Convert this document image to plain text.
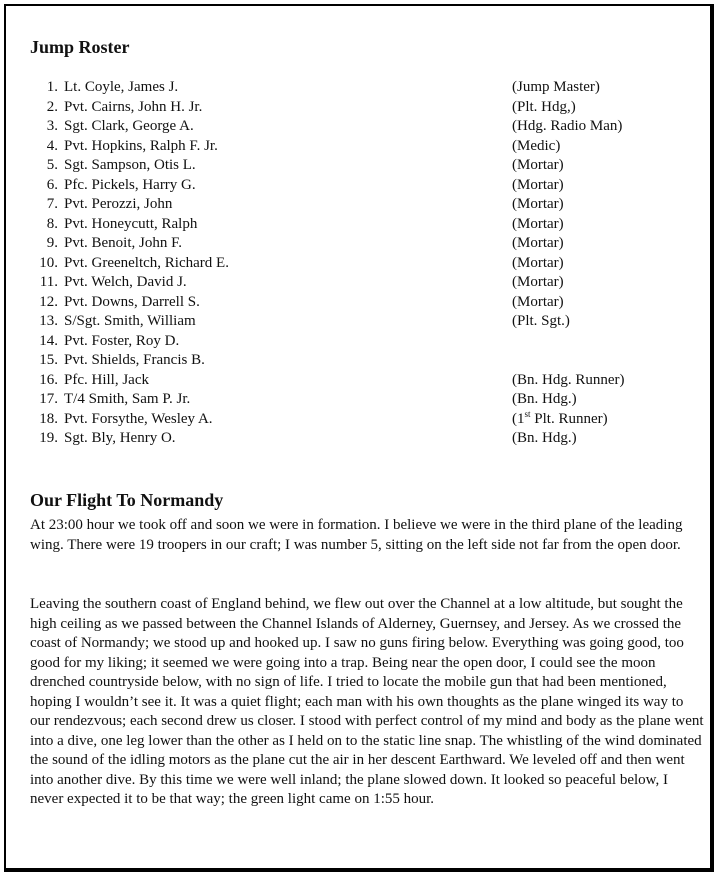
Jump Roster
1. Lt. Coyle, James J.	(Jump Master)
2. Pvt. Cairns, John H. Jr.	(Plt. Hdg,)
3. Sgt. Clark, George A.	(Hdg. Radio Man)
4. Pvt. Hopkins, Ralph F. Jr.	(Medic)
5. Sgt. Sampson, Otis L.	(Mortar)
6. Pfc. Pickels, Harry G.	(Mortar)
7. Pvt. Perozzi, John	(Mortar)
8. Pvt. Honeycutt, Ralph	(Mortar)
9. Pvt. Benoit, John F.	(Mortar)
10. Pvt. Greeneltch, Richard E.	(Mortar)
11. Pvt. Welch, David J.	(Mortar)
12. Pvt. Downs, Darrell S.	(Mortar)
13. S/Sgt. Smith, William	(Plt. Sgt.)
14. Pvt. Foster, Roy D.
15. Pvt. Shields, Francis B.
16. Pfc. Hill, Jack	(Bn. Hdg. Runner)
17. T/4 Smith, Sam P. Jr.	(Bn. Hdg.)
18. Pvt. Forsythe, Wesley A.	(1st Plt. Runner)
19. Sgt. Bly, Henry O.	(Bn. Hdg.)
Our Flight To Normandy

At 23:00 hour we took off and soon we were in formation. I believe we were in the third plane of the leading wing. There were 19 troopers in our craft; I was number 5, sitting on the left side not far from the open door.

Leaving the southern coast of England behind, we flew out over the Channel at a low altitude, but sought the high ceiling as we passed between the Channel Islands of Alderney, Guernsey, and Jersey. As we crossed the coast of Normandy; we stood up and hooked up. I saw no guns firing below. Everything was going good, too good for my liking; it seemed we were going into a trap. Being near the open door, I could see the moon drenched countryside below, with no sign of life. I tried to locate the mobile gun that had been mentioned, hoping I wouldn’t see it. It was a quiet flight; each man with his own thoughts as the plane winged its way to our rendezvous; each second drew us closer. I stood with perfect control of my mind and body as the plane went into a dive, one leg lower than the other as I held on to the static line snap. The whistling of the wind dominated the sound of the idling motors as the plane cut the air in her descent Earthward. We leveled off and then went into another dive. By this time we were well inland; the plane slowed down. It looked so peaceful below, I never expected it to be that way; the green light came on 1:55 hour.
